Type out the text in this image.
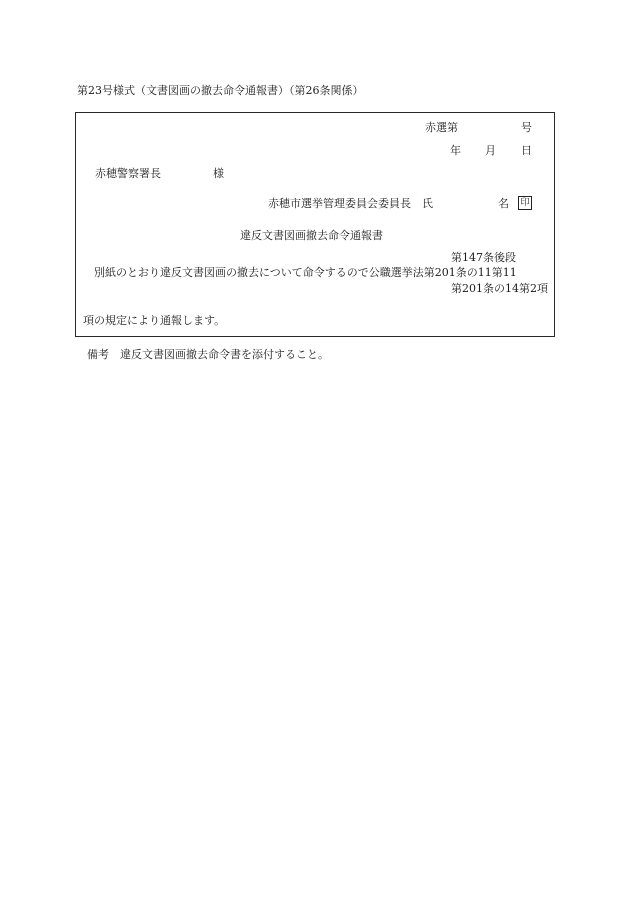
第23号様式（文書図画の撤去命令通報書）（第26条関係）
赤選第	号
年 月 日
赤穂警察署長	様
赤穂市選挙管理委員会委員長　氏	名 印
違反文書図画撤去命令通報書
第147条後段
別紙のとおり違反文書図画の撤去について命令するので公職選挙法第201条の11第11
第201条の14第2項
項の規定により通報します。
備考　違反文書図画撤去命令書を添付すること。
